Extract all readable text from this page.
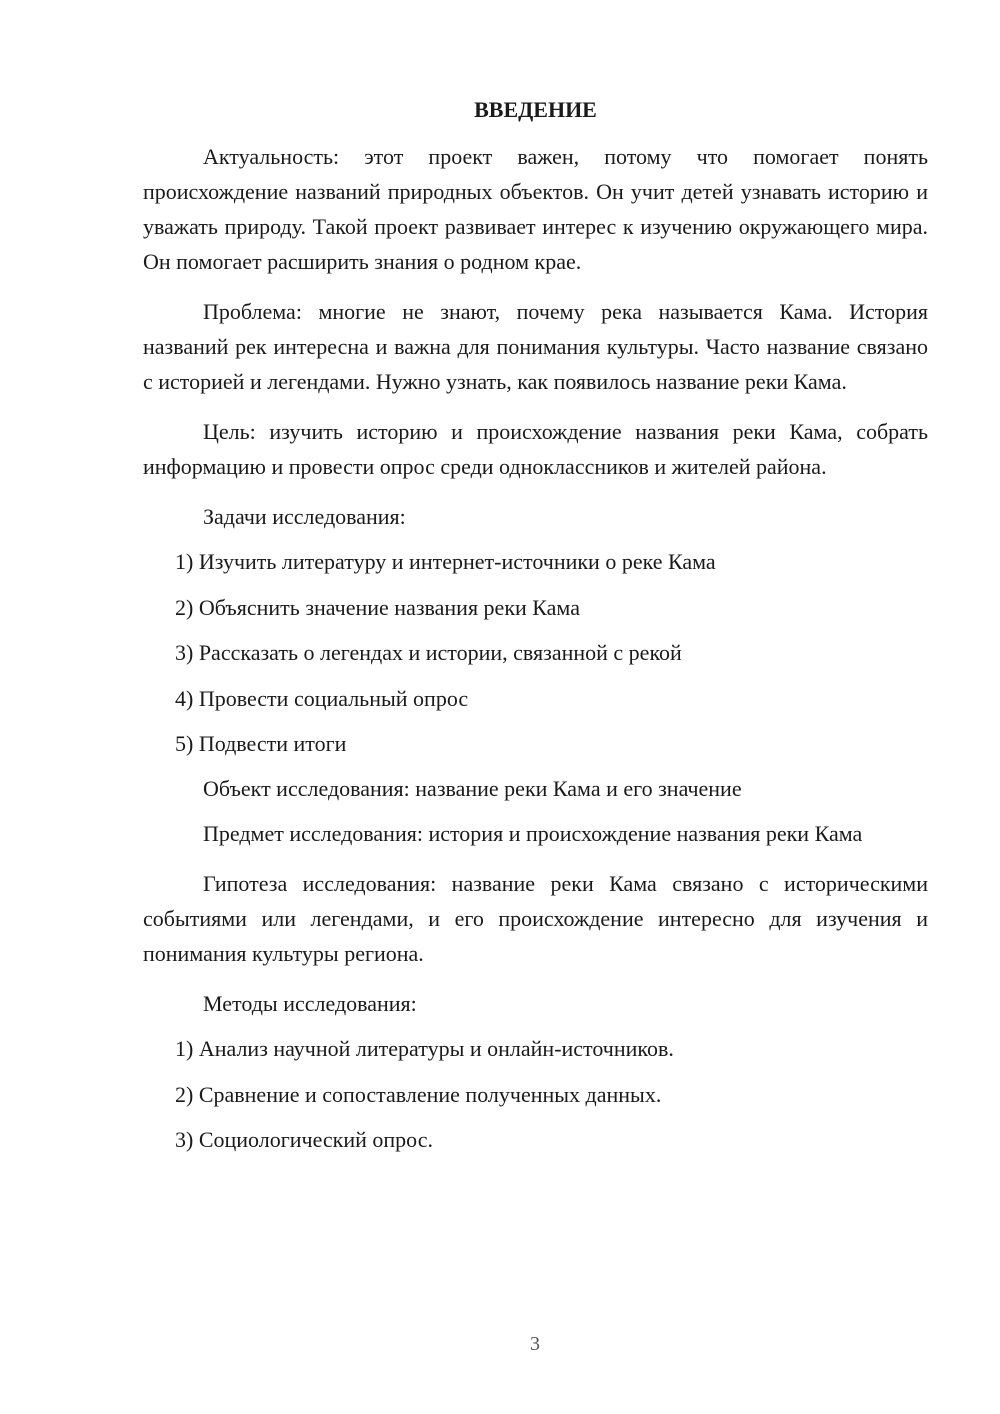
ВВЕДЕНИЕ

Актуальность: этот проект важен, потому что помогает понять происхождение названий природных объектов. Он учит детей узнавать историю и уважать природу. Такой проект развивает интерес к изучению окружающего мира. Он помогает расширить знания о родном крае.

Проблема: многие не знают, почему река называется Кама. История названий рек интересна и важна для понимания культуры. Часто название связано с историей и легендами. Нужно узнать, как появилось название реки Кама.

Цель: изучить историю и происхождение названия реки Кама, собрать информацию и провести опрос среди одноклассников и жителей района.

Задачи исследования:

1) Изучить литературу и интернет-источники о реке Кама
2) Объяснить значение названия реки Кама
3) Рассказать о легендах и истории, связанной с рекой
4) Провести социальный опрос
5) Подвести итоги

Объект исследования: название реки Кама и его значение

Предмет исследования: история и происхождение названия реки Кама

Гипотеза исследования: название реки Кама связано с историческими событиями или легендами, и его происхождение интересно для изучения и понимания культуры региона.

Методы исследования:

1) Анализ научной литературы и онлайн-источников.
2) Сравнение и сопоставление полученных данных.
3) Социологический опрос.
3
